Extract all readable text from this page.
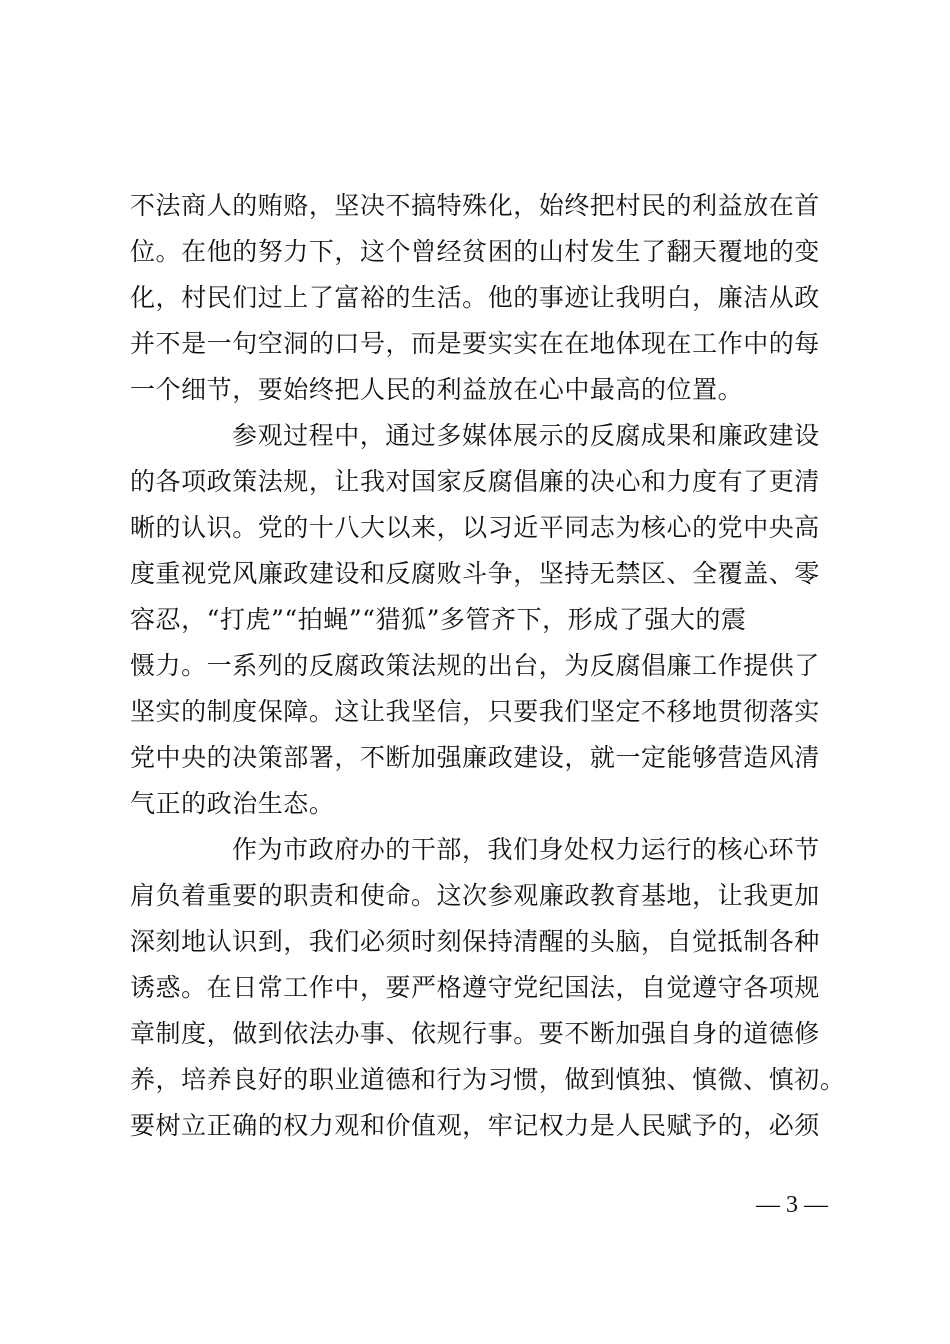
不法商人的贿赂，坚决不搞特殊化，始终把村民的利益放在首
位。在他的努力下，这个曾经贫困的山村发生了翻天覆地的变
化，村民们过上了富裕的生活。他的事迹让我明白，廉洁从政
并不是一句空洞的口号，而是要实实在在地体现在工作中的每
一个细节，要始终把人民的利益放在心中最高的位置。
参观过程中，通过多媒体展示的反腐成果和廉政建设
的各项政策法规，让我对国家反腐倡廉的决心和力度有了更清
晰的认识。党的十八大以来，以习近平同志为核心的党中央高
度重视党风廉政建设和反腐败斗争，坚持无禁区、全覆盖、零
容忍，“打虎”“拍蝇”“猎狐”多管齐下，形成了强大的震
慑力。一系列的反腐政策法规的出台，为反腐倡廉工作提供了
坚实的制度保障。这让我坚信，只要我们坚定不移地贯彻落实
党中央的决策部署，不断加强廉政建设，就一定能够营造风清
气正的政治生态。
作为市政府办的干部，我们身处权力运行的核心环节
肩负着重要的职责和使命。这次参观廉政教育基地，让我更加
深刻地认识到，我们必须时刻保持清醒的头脑，自觉抵制各种
诱惑。在日常工作中，要严格遵守党纪国法，自觉遵守各项规
章制度，做到依法办事、依规行事。要不断加强自身的道德修
养，培养良好的职业道德和行为习惯，做到慎独、慎微、慎初。
要树立正确的权力观和价值观，牢记权力是人民赋予的，必须
— 3 —
